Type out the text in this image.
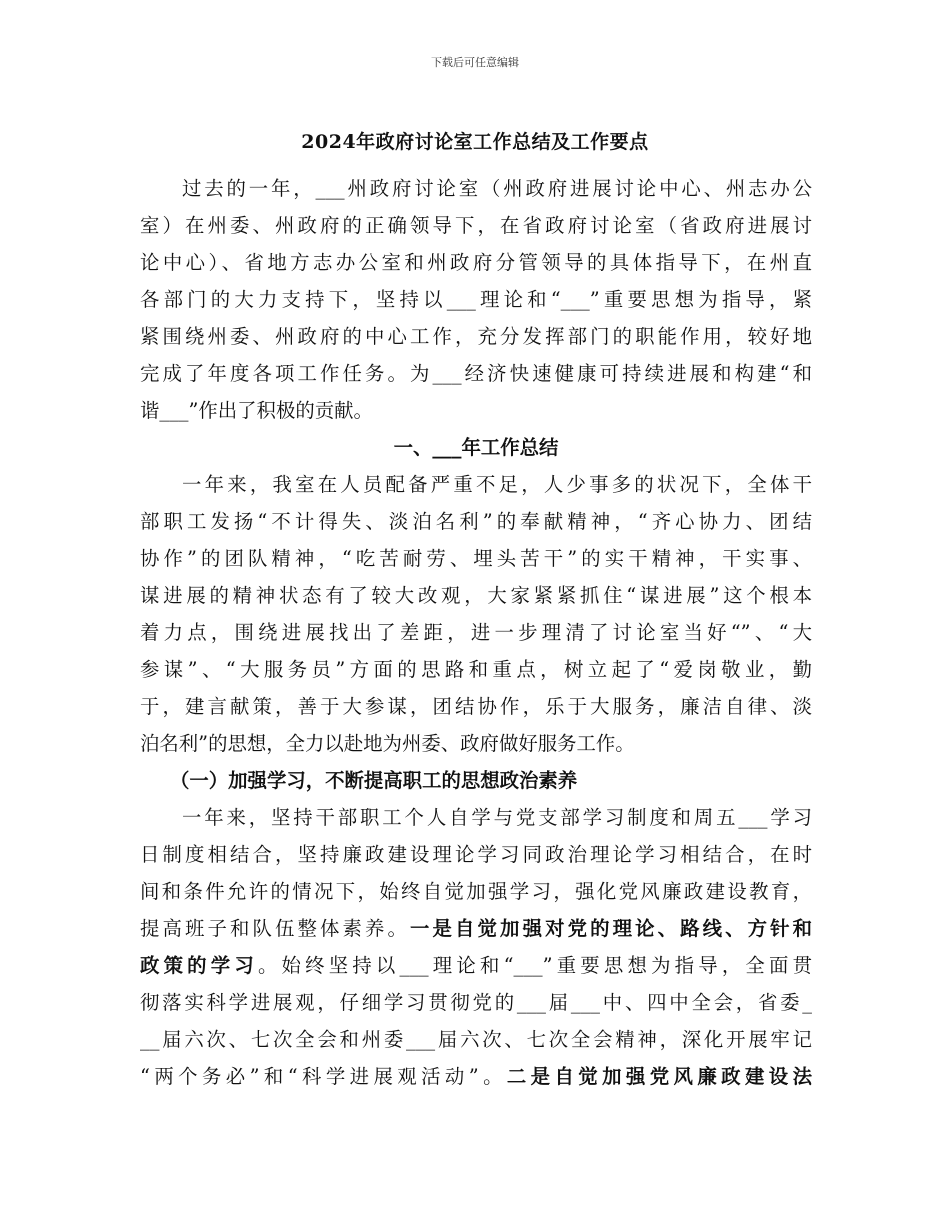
下载后可任意编辑
2024年政府讨论室工作总结及工作要点
过去的一年，___州政府讨论室（州政府进展讨论中心、州志办公
室）在州委、州政府的正确领导下，在省政府讨论室（省政府进展讨
论中心）、省地方志办公室和州政府分管领导的具体指导下，在州直
各部门的大力支持下，坚持以___理论和“___”重要思想为指导，紧
紧围绕州委、州政府的中心工作，充分发挥部门的职能作用，较好地
完成了年度各项工作任务。为___经济快速健康可持续进展和构建“和
谐___”作出了积极的贡献。
一、___年工作总结
一年来，我室在人员配备严重不足，人少事多的状况下，全体干
部职工发扬“不计得失、淡泊名利”的奉献精神，“齐心协力、团结
协作”的团队精神，“吃苦耐劳、埋头苦干”的实干精神，干实事、
谋进展的精神状态有了较大改观，大家紧紧抓住“谋进展”这个根本
着力点，围绕进展找出了差距，进一步理清了讨论室当好“”、“大
参谋”、“大服务员”方面的思路和重点，树立起了“爱岗敬业，勤
于，建言献策，善于大参谋，团结协作，乐于大服务，廉洁自律、淡
泊名利”的思想，全力以赴地为州委、政府做好服务工作。
（一）加强学习，不断提高职工的思想政治素养
一年来，坚持干部职工个人自学与党支部学习制度和周五___学习
日制度相结合，坚持廉政建设理论学习同政治理论学习相结合，在时
间和条件允许的情况下，始终自觉加强学习，强化党风廉政建设教育，
提高班子和队伍整体素养。一是自觉加强对党的理论、路线、方针和
政策的学习。始终坚持以___理论和“___”重要思想为指导，全面贯
彻落实科学进展观，仔细学习贯彻党的___届___中、四中全会，省委_
__届六次、七次全会和州委___届六次、七次全会精神，深化开展牢记
“两个务必”和“科学进展观活动”。二是自觉加强党风廉政建设法
